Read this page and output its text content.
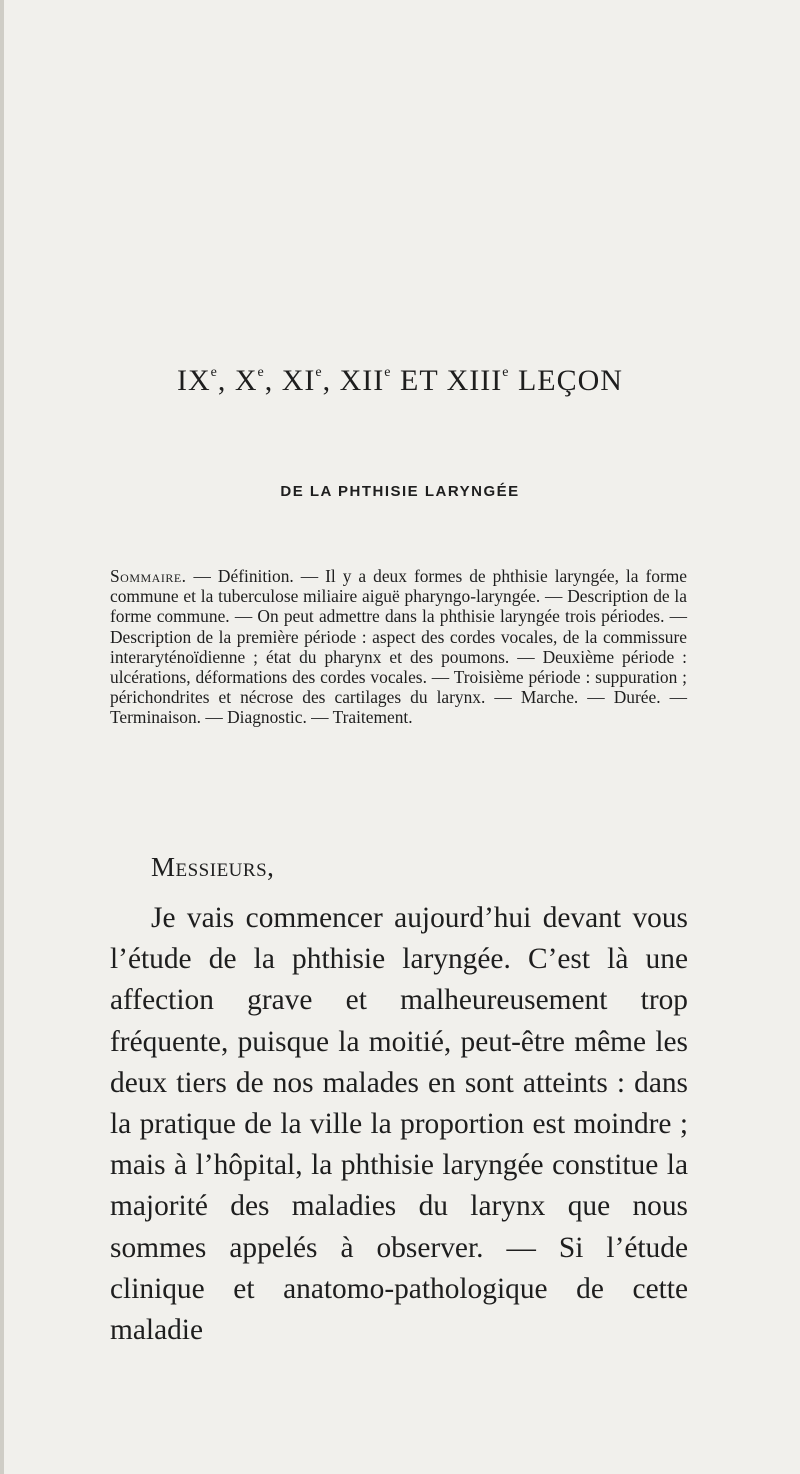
IXe, Xe, XIe, XIIe ET XIIIe LEÇON
DE LA PHTHISIE LARYNGÉE

Sommaire. — Définition. — Il y a deux formes de phthisie laryngée, la forme commune et la tuberculose miliaire aiguë pharyngo-laryngée. — Description de la forme commune. — On peut admettre dans la phthisie laryngée trois périodes. — Description de la première période : aspect des cordes vocales, de la commissure interaryténoïdienne ; état du pharynx et des poumons. — Deuxième période : ulcérations, déformations des cordes vocales. — Troisième période : suppuration ; périchondrites et nécrose des cartilages du larynx. — Marche. — Durée. — Terminaison. — Diagnostic. — Traitement.

Messieurs,

Je vais commencer aujourd’hui devant vous l’étude de la phthisie laryngée. C’est là une affection grave et malheureusement trop fréquente, puisque la moitié, peut-être même les deux tiers de nos malades en sont atteints : dans la pratique de la ville la proportion est moindre ; mais à l’hôpital, la phthisie laryngée constitue la majorité des maladies du larynx que nous sommes appelés à observer. — Si l’étude clinique et anatomo-pathologique de cette maladie
